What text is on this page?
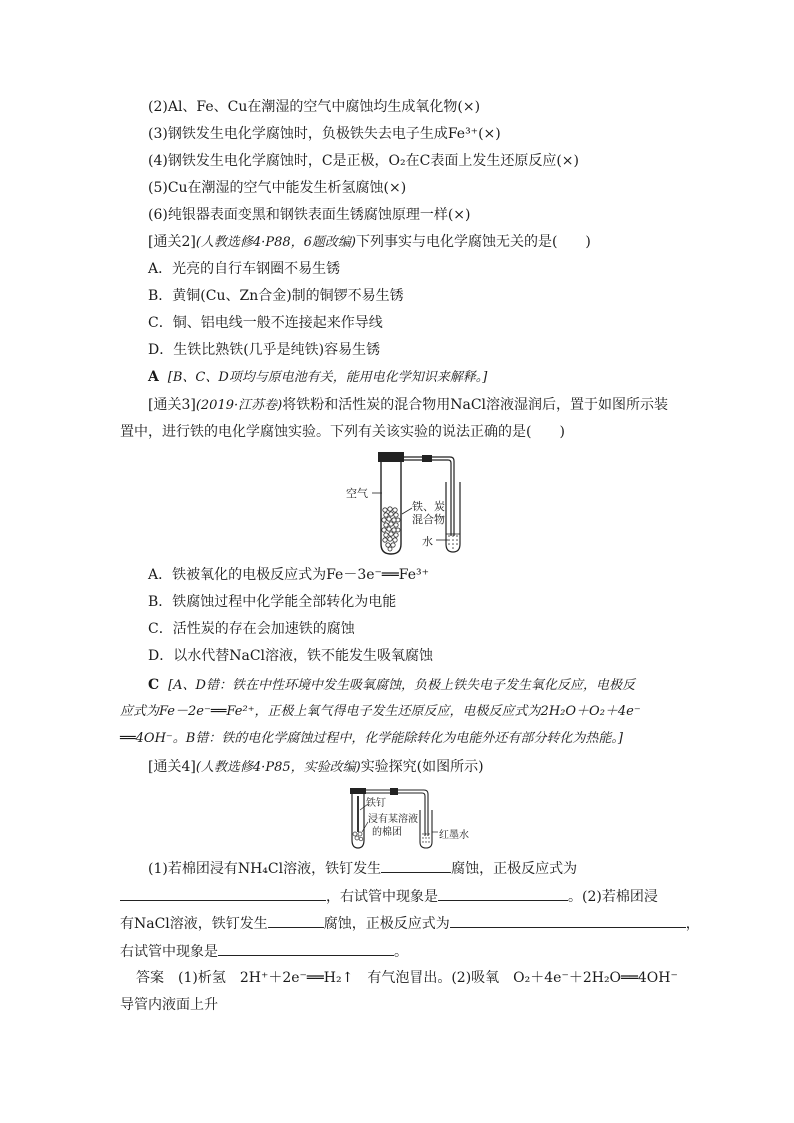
(2)Al、Fe、Cu在潮湿的空气中腐蚀均生成氧化物(×)
(3)钢铁发生电化学腐蚀时，负极铁失去电子生成Fe³⁺(×)
(4)钢铁发生电化学腐蚀时，C是正极，O₂在C表面上发生还原反应(×)
(5)Cu在潮湿的空气中能发生析氢腐蚀(×)
(6)纯银器表面变黑和钢铁表面生锈腐蚀原理一样(×)
[通关2](人教选修4·P88，6题改编)下列事实与电化学腐蚀无关的是(　　)
A．光亮的自行车钢圈不易生锈
B．黄铜(Cu、Zn合金)制的铜锣不易生锈
C．铜、铝电线一般不连接起来作导线
D．生铁比熟铁(几乎是纯铁)容易生锈
A [B、C、D项均与原电池有关，能用电化学知识来解释。]
[通关3](2019·江苏卷)将铁粉和活性炭的混合物用NaCl溶液湿润后，置于如图所示装
置中，进行铁的电化学腐蚀实验。下列有关该实验的说法正确的是(　　)
空气
铁、炭
混合物
水
A．铁被氧化的电极反应式为Fe－3e⁻══Fe³⁺
B．铁腐蚀过程中化学能全部转化为电能
C．活性炭的存在会加速铁的腐蚀
D．以水代替NaCl溶液，铁不能发生吸氧腐蚀
C [A、D错：铁在中性环境中发生吸氧腐蚀，负极上铁失电子发生氧化反应，电极反
应式为Fe－2e⁻══Fe²⁺，正极上氧气得电子发生还原反应，电极反应式为2H₂O＋O₂＋4e⁻
══4OH⁻。B错：铁的电化学腐蚀过程中，化学能除转化为电能外还有部分转化为热能。]
[通关4](人教选修4·P85，实验改编)实验探究(如图所示)
铁钉
浸有某溶液
的棉团	红墨水
(1)若棉团浸有NH₄Cl溶液，铁钉发生	腐蚀，正极反应式为
，右试管中现象是	。(2)若棉团浸
有NaCl溶液，铁钉发生	腐蚀，正极反应式为	，
右试管中现象是	。
答案　(1)析氢　2H⁺＋2e⁻══H₂↑　有气泡冒出。(2)吸氧　O₂＋4e⁻＋2H₂O══4OH⁻
导管内液面上升
